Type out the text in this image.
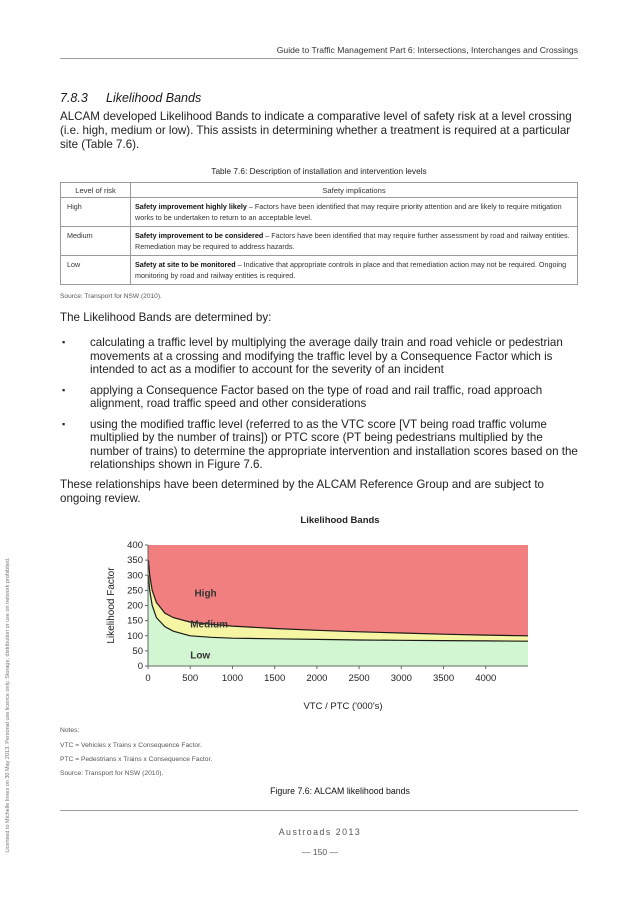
Guide to Traffic Management Part 6: Intersections, Interchanges and Crossings
Licensed to Michelle Innes on 30 May 2013. Personal use licence only. Storage, distribution or use on network prohibited.
7.8.3 Likelihood Bands
ALCAM developed Likelihood Bands to indicate a comparative level of safety risk at a level crossing (i.e. high, medium or low). This assists in determining whether a treatment is required at a particular site (Table 7.6).
Table 7.6: Description of installation and intervention levels
Level of risk	Safety implications
High	Safety improvement highly likely – Factors have been identified that may require priority attention and are likely to require mitigation works to be undertaken to return to an acceptable level.
Medium	Safety improvement to be considered – Factors have been identified that may require further assessment by road and railway entities. Remediation may be required to address hazards.
Low	Safety at site to be monitored – Indicative that appropriate controls in place and that remediation action may not be required. Ongoing monitoring by road and railway entities is required.
Source: Transport for NSW (2010).
The Likelihood Bands are determined by:
▪ calculating a traffic level by multiplying the average daily train and road vehicle or pedestrian movements at a crossing and modifying the traffic level by a Consequence Factor which is intended to act as a modifier to account for the severity of an incident
▪ applying a Consequence Factor based on the type of road and rail traffic, road approach alignment, road traffic speed and other considerations
▪ using the modified traffic level (referred to as the VTC score [VT being road traffic volume multiplied by the number of trains]) or PTC score (PT being pedestrians multiplied by the number of trains) to determine the appropriate intervention and installation scores based on the relationships shown in Figure 7.6.
These relationships have been determined by the ALCAM Reference Group and are subject to ongoing review.
Likelihood Bands
0
50
100
150
200
250
300
350
400
0	500 1000 1500 2000 2500 3000 3500 4000
VTC / PTC ('000's)
Likelihood Factor	High
Medium
Low
Notes:
VTC = Vehicles x Trains x Consequence Factor.
PTC = Pedestrians x Trains x Consequence Factor.
Source: Transport for NSW (2010).
Figure 7.6: ALCAM likelihood bands
Austroads 2013
— 150 —
